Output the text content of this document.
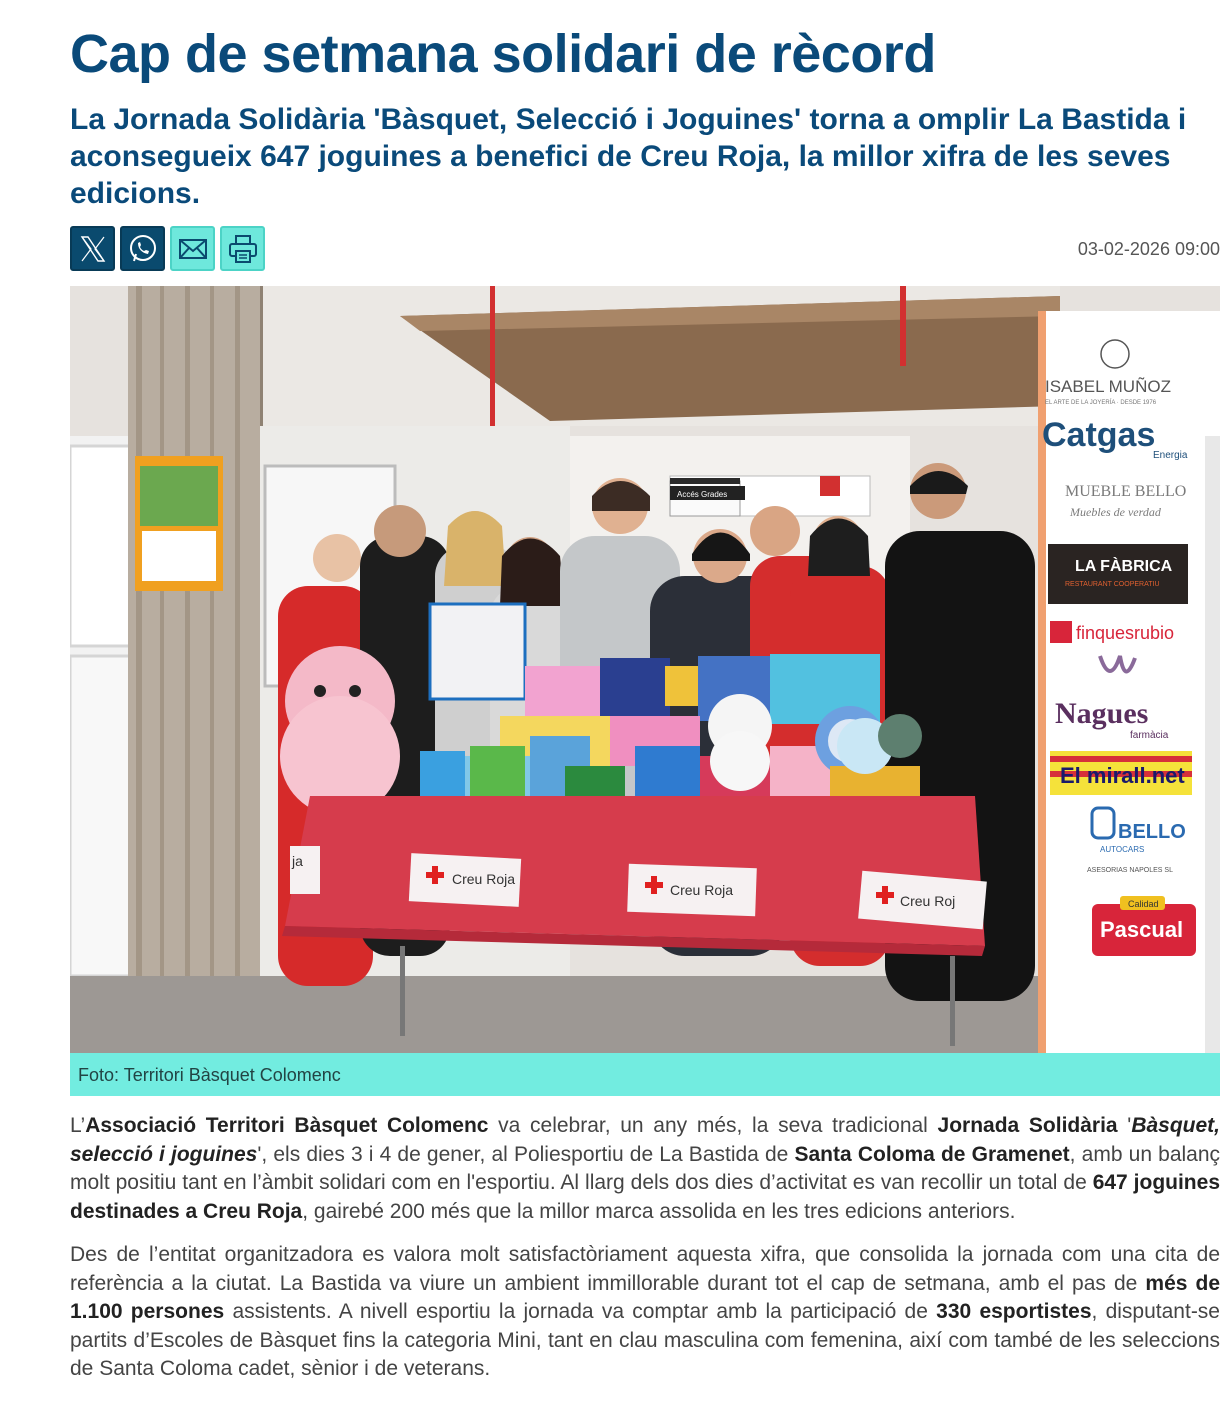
Cap de setmana solidari de rècord
La Jornada Solidària 'Bàsquet, Selecció i Joguines' torna a omplir La Bastida i aconsegueix 647 joguines a benefici de Creu Roja, la millor xifra de les seves edicions.
03-02-2026 09:00
Accés Grades
Creu Roja
Creu Roja
Creu Roj
ja
ISABEL MUÑOZ
EL ARTE DE LA JOYERÍA · DESDE 1976
Catgas
Energia
MUEBLE BELLO
Muebles de verdad
LA FÀBRICA
RESTAURANT COOPERATIU
finquesrubio
Nagues
farmàcia
El mirall.net
BELLO
AUTOCARS
ASESORIAS NAPOLES SL
Calidad
Pascual
Foto: Territori Bàsquet Colomenc

L’Associació Territori Bàsquet Colomenc va celebrar, un any més, la seva tradicional Jornada Solidària 'Bàsquet, selecció i joguines', els dies 3 i 4 de gener, al Poliesportiu de La Bastida de Santa Coloma de Gramenet, amb un balanç molt positiu tant en l’àmbit solidari com en l'esportiu. Al llarg dels dos dies d’activitat es van recollir un total de 647 joguines destinades a Creu Roja, gairebé 200 més que la millor marca assolida en les tres edicions anteriors.

Des de l’entitat organitzadora es valora molt satisfactòriament aquesta xifra, que consolida la jornada com una cita de referència a la ciutat. La Bastida va viure un ambient immillorable durant tot el cap de setmana, amb el pas de més de 1.100 persones assistents. A nivell esportiu la jornada va comptar amb la participació de 330 esportistes, disputant-se partits d’Escoles de Bàsquet fins la categoria Mini, tant en clau masculina com femenina, així com també de les seleccions de Santa Coloma cadet, sènior i de veterans.
